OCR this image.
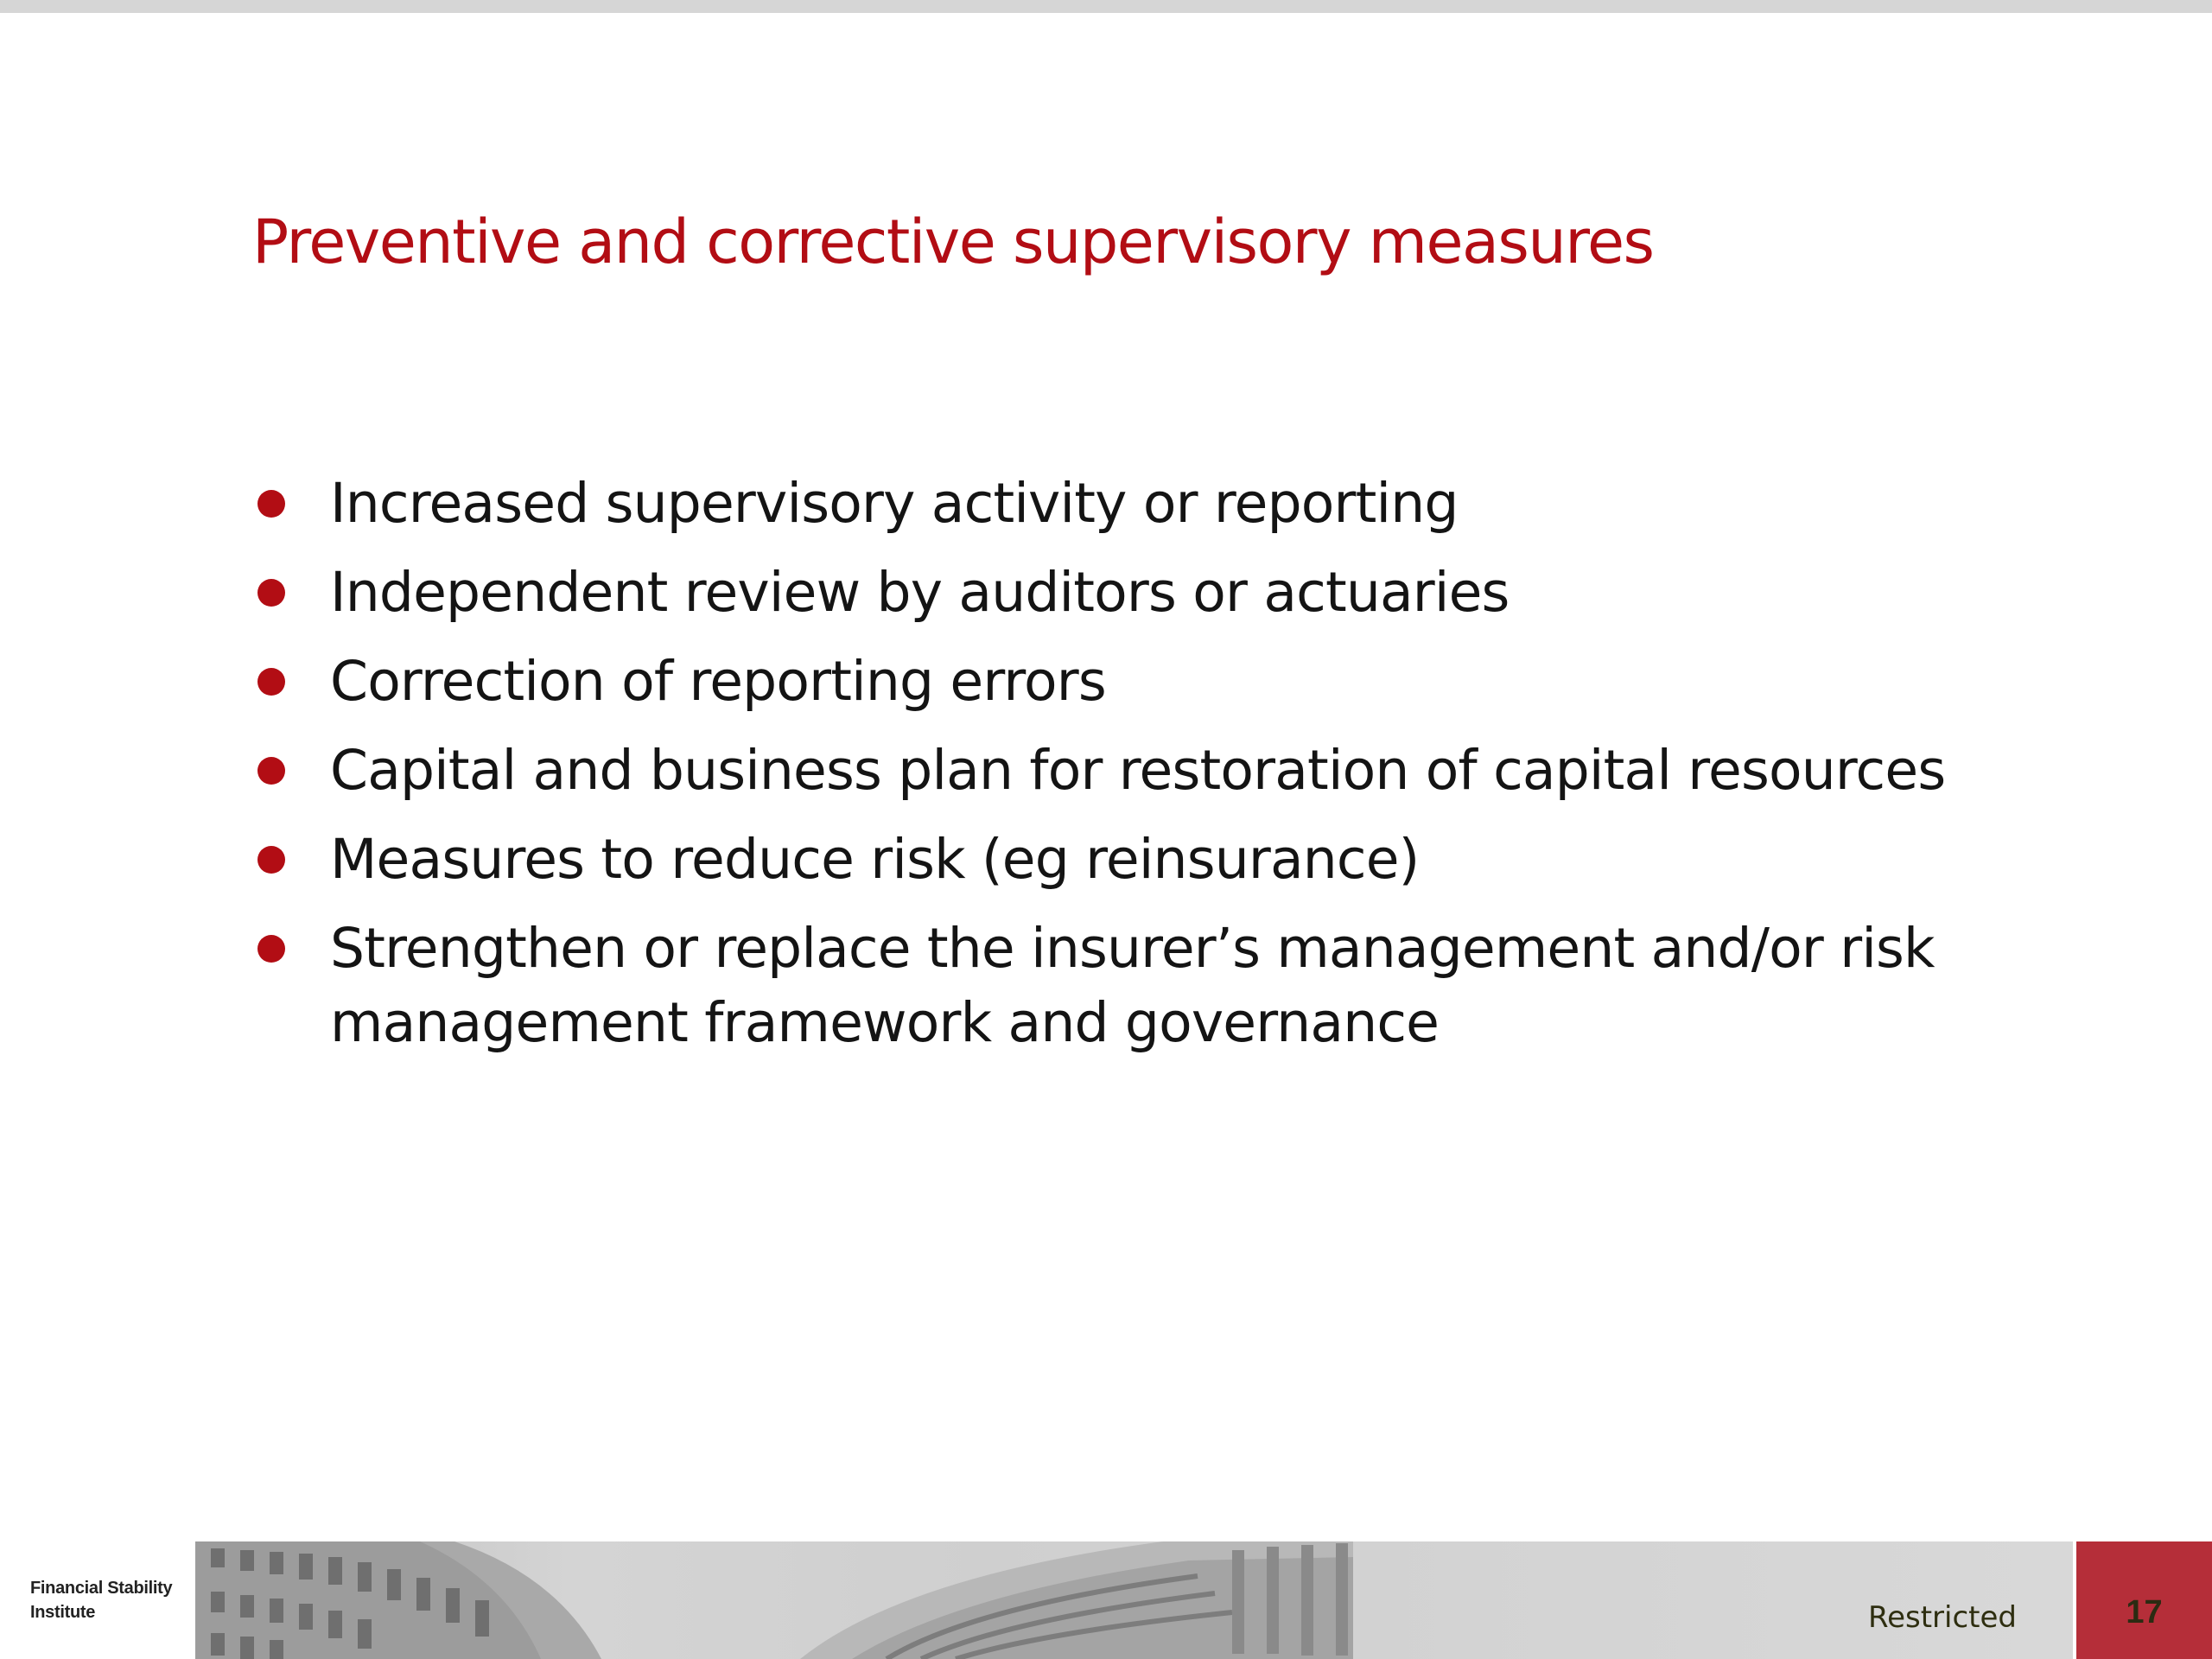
Preventive and corrective supervisory measures
Increased supervisory activity or reporting
Independent review by auditors or actuaries
Correction of reporting errors
Capital and business plan for restoration of capital resources
Measures to reduce risk (eg reinsurance)
Strengthen or replace the insurer’s management and/or risk management framework and governance
Financial Stability
Institute	Restricted	17
